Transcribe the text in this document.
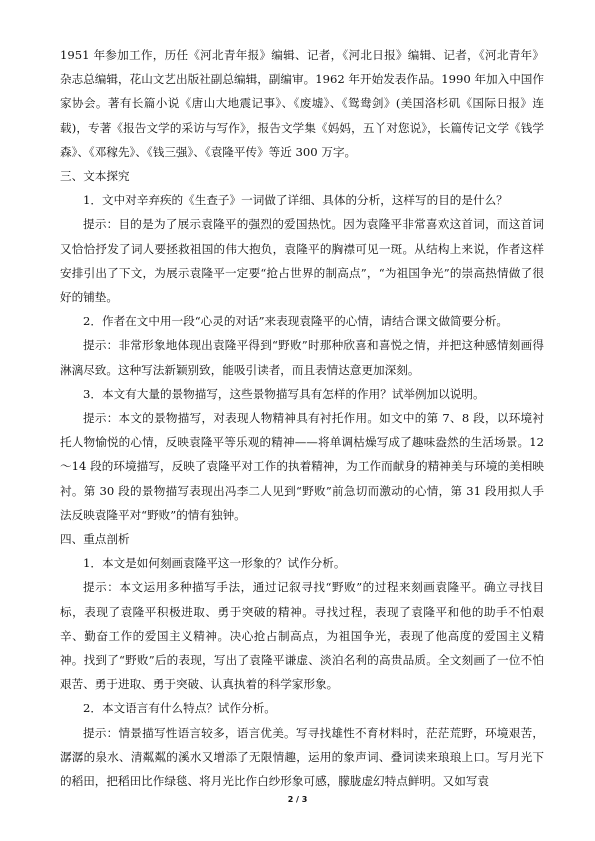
1951 年参加工作，历任《河北青年报》编辑、记者，《河北日报》编辑、记者，《河北青年》杂志总编辑，花山文艺出版社副总编辑，副编审。1962 年开始发表作品。1990 年加入中国作家协会。著有长篇小说《唐山大地震记事》、《废墟》、《鸳鸯剑》(美国洛杉矶《国际日报》连载)，专著《报告文学的采访与写作》，报告文学集《妈妈，五丫对您说》，长篇传记文学《钱学森》、《邓稼先》、《钱三强》、《袁隆平传》等近 300 万字。

三、文本探究

1．文中对辛弃疾的《生查子》一词做了详细、具体的分析，这样写的目的是什么？

提示：目的是为了展示袁隆平的强烈的爱国热忱。因为袁隆平非常喜欢这首词，而这首词又恰恰抒发了词人要拯救祖国的伟大抱负，袁隆平的胸襟可见一斑。从结构上来说，作者这样安排引出了下文，为展示袁隆平一定要“抢占世界的制高点”，“为祖国争光”的崇高热情做了很好的铺垫。

2．作者在文中用一段“心灵的对话”来表现袁隆平的心情，请结合课文做简要分析。

提示：非常形象地体现出袁隆平得到“野败”时那种欣喜和喜悦之情，并把这种感情刻画得淋漓尽致。这种写法新颖别致，能吸引读者，而且表情达意更加深刻。

3．本文有大量的景物描写，这些景物描写具有怎样的作用？试举例加以说明。

提示：本文的景物描写，对表现人物精神具有衬托作用。如文中的第 7、8 段，以环境衬托人物愉悦的心情，反映袁隆平等乐观的精神——将单调枯燥写成了趣味盎然的生活场景。12～14 段的环境描写，反映了袁隆平对工作的执着精神，为工作而献身的精神美与环境的美相映衬。第 30 段的景物描写表现出冯李二人见到“野败”前急切而激动的心情，第 31 段用拟人手法反映袁隆平对“野败”的情有独钟。

四、重点剖析

1．本文是如何刻画袁隆平这一形象的？试作分析。

提示：本文运用多种描写手法，通过记叙寻找“野败”的过程来刻画袁隆平。确立寻找目标，表现了袁隆平积极进取、勇于突破的精神。寻找过程，表现了袁隆平和他的助手不怕艰辛、勤奋工作的爱国主义精神。决心抢占制高点，为祖国争光，表现了他高度的爱国主义精神。找到了“野败”后的表现，写出了袁隆平谦虚、淡泊名利的高贵品质。全文刻画了一位不怕艰苦、勇于进取、勇于突破、认真执着的科学家形象。

2．本文语言有什么特点？试作分析。

提示：情景描写性语言较多，语言优美。写寻找雄性不育材料时，茫茫荒野，环境艰苦，潺潺的泉水、清粼粼的溪水又增添了无限情趣，运用的象声词、叠词读来琅琅上口。写月光下的稻田，把稻田比作绿毯、将月光比作白纱形象可感，朦胧虚幻特点鲜明。又如写袁

2 / 3
